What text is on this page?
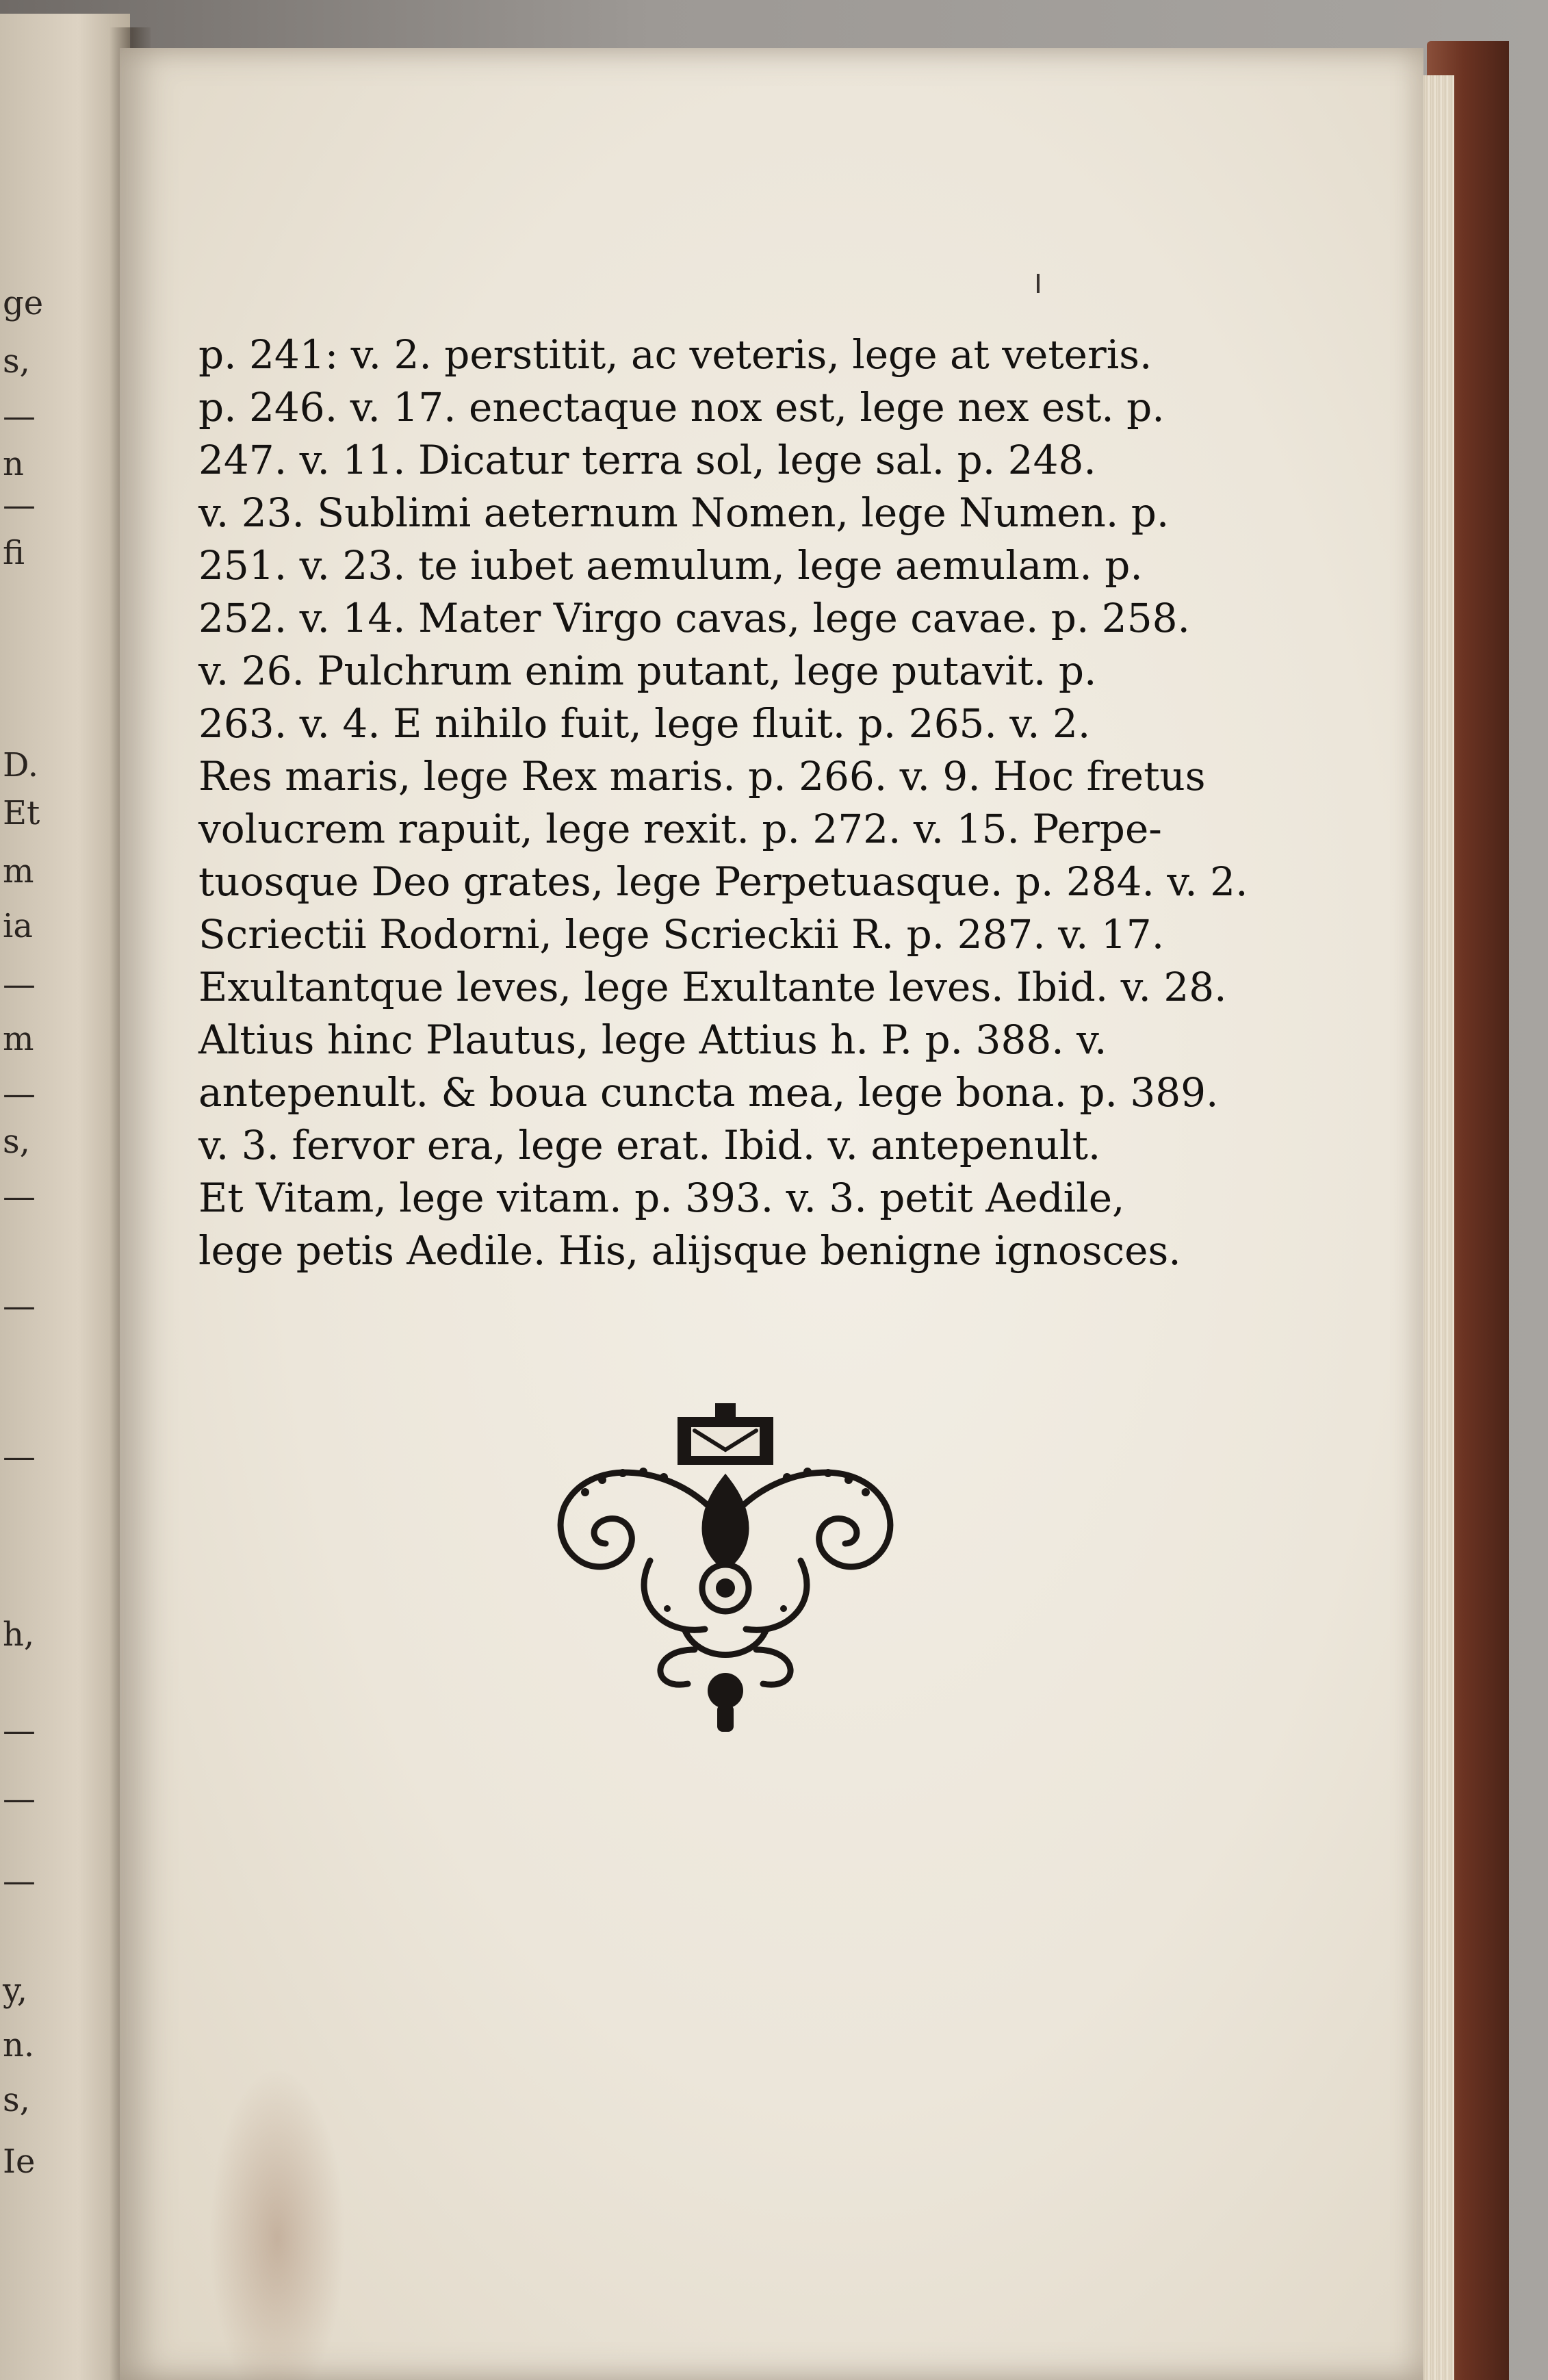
ge
s,
—
n
—
fi
D.
Et
m
ia
—
m
—
s,
—
—
—
h,
—
—
—
y,
n.
s,
Ie
p. 241: v. 2. perstitit, ac veteris, lege at veteris.
p. 246. v. 17. enectaque nox est, lege nex est. p.
247. v. 11. Dicatur terra sol, lege sal. p. 248.
v. 23. Sublimi aeternum Nomen, lege Numen. p.
251. v. 23. te iubet aemulum, lege aemulam. p.
252. v. 14. Mater Virgo cavas, lege cavae. p. 258.
v. 26. Pulchrum enim putant, lege putavit. p.
263. v. 4. E nihilo fuit, lege fluit. p. 265. v. 2.
Res maris, lege Rex maris. p. 266. v. 9. Hoc fretus
volucrem rapuit, lege rexit. p. 272. v. 15. Perpe-
tuosque Deo grates, lege Perpetuasque. p. 284. v. 2.
Scriectii Rodorni, lege Scrieckii R. p. 287. v. 17.
Exultantque leves, lege Exultante leves. Ibid. v. 28.
Altius hinc Plautus, lege Attius h. P. p. 388. v.
antepenult. & boua cuncta mea, lege bona. p. 389.
v. 3. fervor era, lege erat. Ibid. v. antepenult.
Et Vitam, lege vitam. p. 393. v. 3. petit Aedile,
lege petis Aedile. His, alijsque benigne ignosces.
